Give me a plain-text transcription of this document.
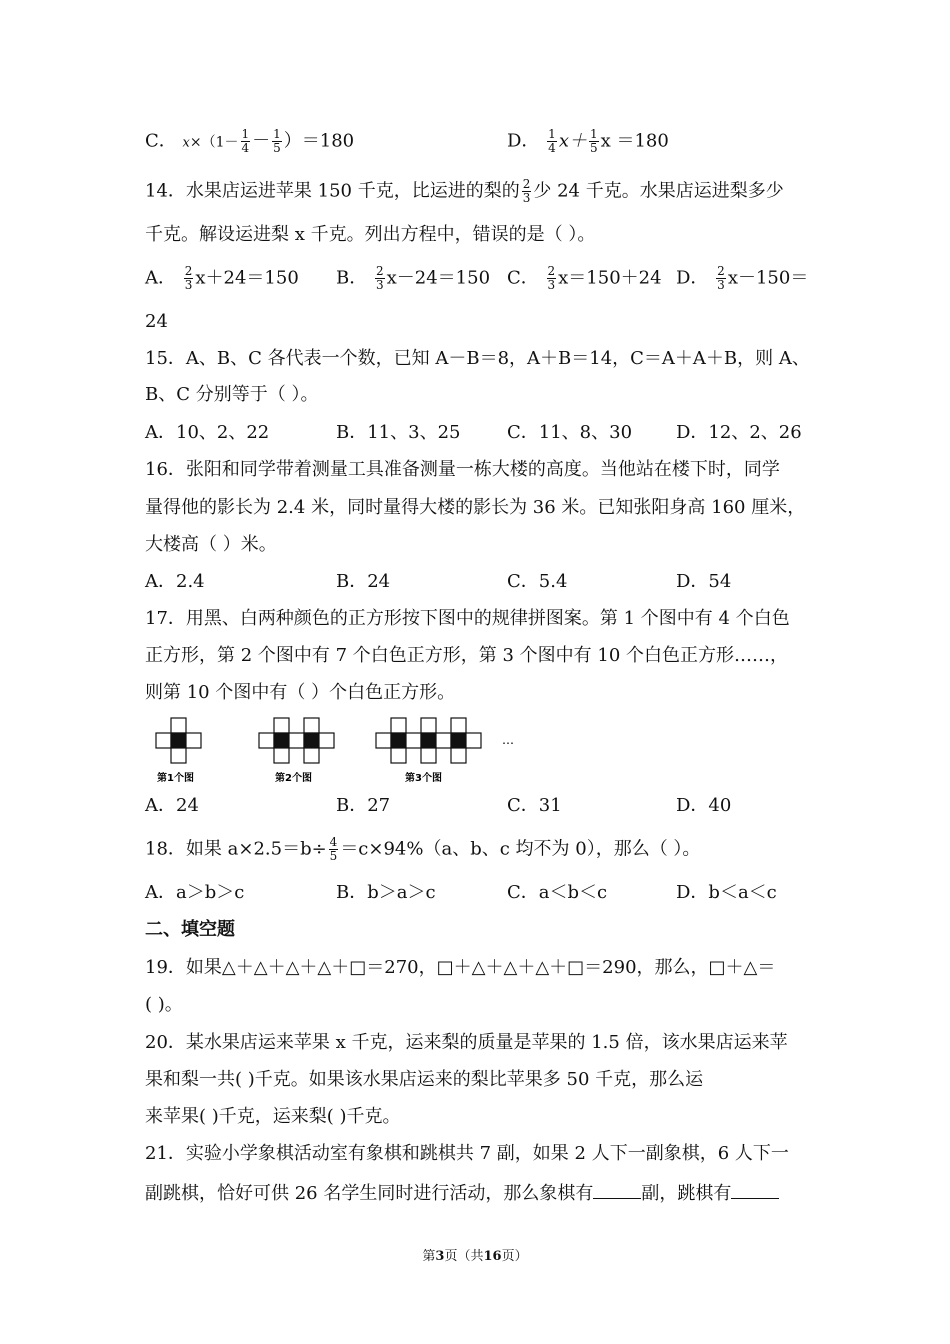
C． $x\times(1- \frac{1}{4} - \frac{1}{5} )=180$	D． $\frac{1}{4} x+ \frac{1}{5}$ x ＝180
14．水果店运进苹果 150 千克，比运进的梨的 $\frac{2}{3}$ 少 24 千克。水果店运进梨多少
千克。解设运进梨 x 千克。列出方程中，错误的是（ ）。
A． $\frac{2}{3} x+24=150$ B． $\frac{2}{3} x-24=150$ C． $\frac{2}{3} x=150+24$ D． $\frac{2}{3} x-150=$
24
15．A、B、C 各代表一个数，已知 A－B＝8，A＋B＝14，C＝A＋A＋B，则 A、
B、C 分别等于（ ）。
A．10、2、22	B．11、3、25	C．11、8、30 D．12、2、26
16．张阳和同学带着测量工具准备测量一栋大楼的高度。当他站在楼下时，同学
量得他的影长为 2.4 米，同时量得大楼的影长为 36 米。已知张阳身高 160 厘米，
大楼高（ ）米。
A．2.4	B．24	C．5.4	D．54
17．用黑、白两种颜色的正方形按下图中的规律拼图案。第 1 个图中有 4 个白色
正方形，第 2 个图中有 7 个白色正方形，第 3 个图中有 10 个白色正方形……，
则第 10 个图中有（ ）个白色正方形。
…
第1个图	第2个图	第3个图
A．24	B．27	C．31	D．40
18．如果 $a\times 2.5=b\div \frac{4}{5} =c\times 94\%(a$、b、c 均不为 0），那么（ ）。
A．a＞b＞c	B．b＞a＞c	C．a＜b＜c	D．b＜a＜c
二、填空题
19．如果△＋△＋△＋△＋□＝270，□＋△＋△＋△＋□＝290，那么，□＋△＝
( )。
20．某水果店运来苹果 x 千克，运来梨的质量是苹果的 1.5 倍，该水果店运来苹
果和梨一共( )千克。如果该水果店运来的梨比苹果多 50 千克，那么运
来苹果( )千克，运来梨( )千克。
21．实验小学象棋活动室有象棋和跳棋共 7 副，如果 2 人下一副象棋，6 人下一
副跳棋，恰好可供 26 名学生同时进行活动，那么象棋有	副，跳棋有
第3页（共16页）
